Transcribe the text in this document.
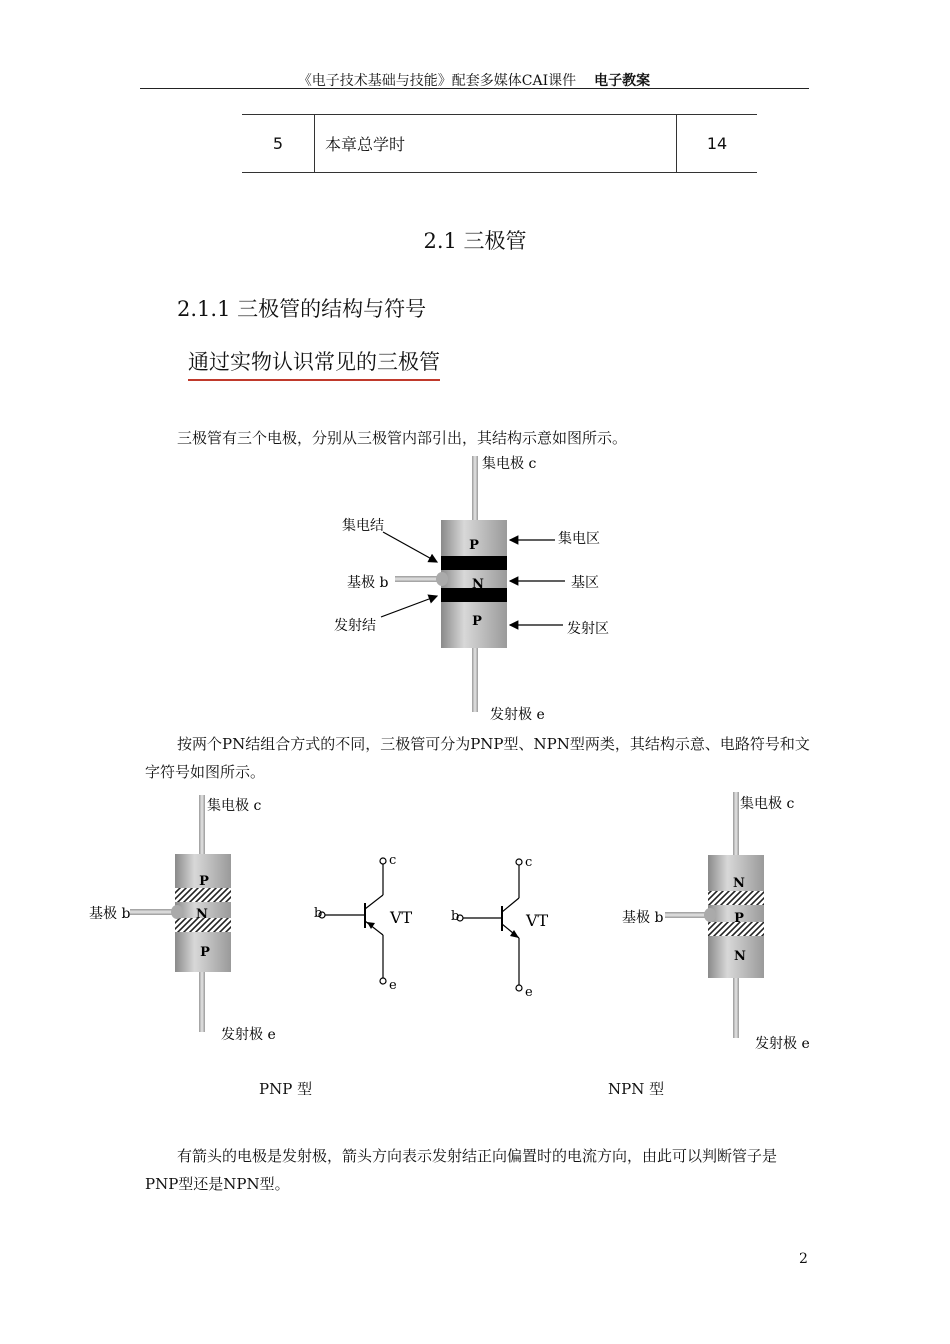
《电子技术基础与技能》配套多媒体CAI课件 电子教案
5	本章总学时	14
2.1 三极管
2.1.1 三极管的结构与符号
通过实物认识常见的三极管
三极管有三个电极，分别从三极管内部引出，其结构示意如图所示。
P
N
P
集电极 c
集电结
基极 b
发射结
集电区
基区
发射区
发射极 e
按两个PN结组合方式的不同，三极管可分为PNP型、NPN型两类，其结构示意、电路符号和文字符号如图所示。
P
N
P
集电极 c
基极 b
发射极 e
b
c
e
VT	b
c
e
VT
N
P
N
集电极 c
基极 b
发射极 e
PNP 型	NPN 型
有箭头的电极是发射极，箭头方向表示发射结正向偏置时的电流方向，由此可以判断管子是PNP型还是NPN型。
2
